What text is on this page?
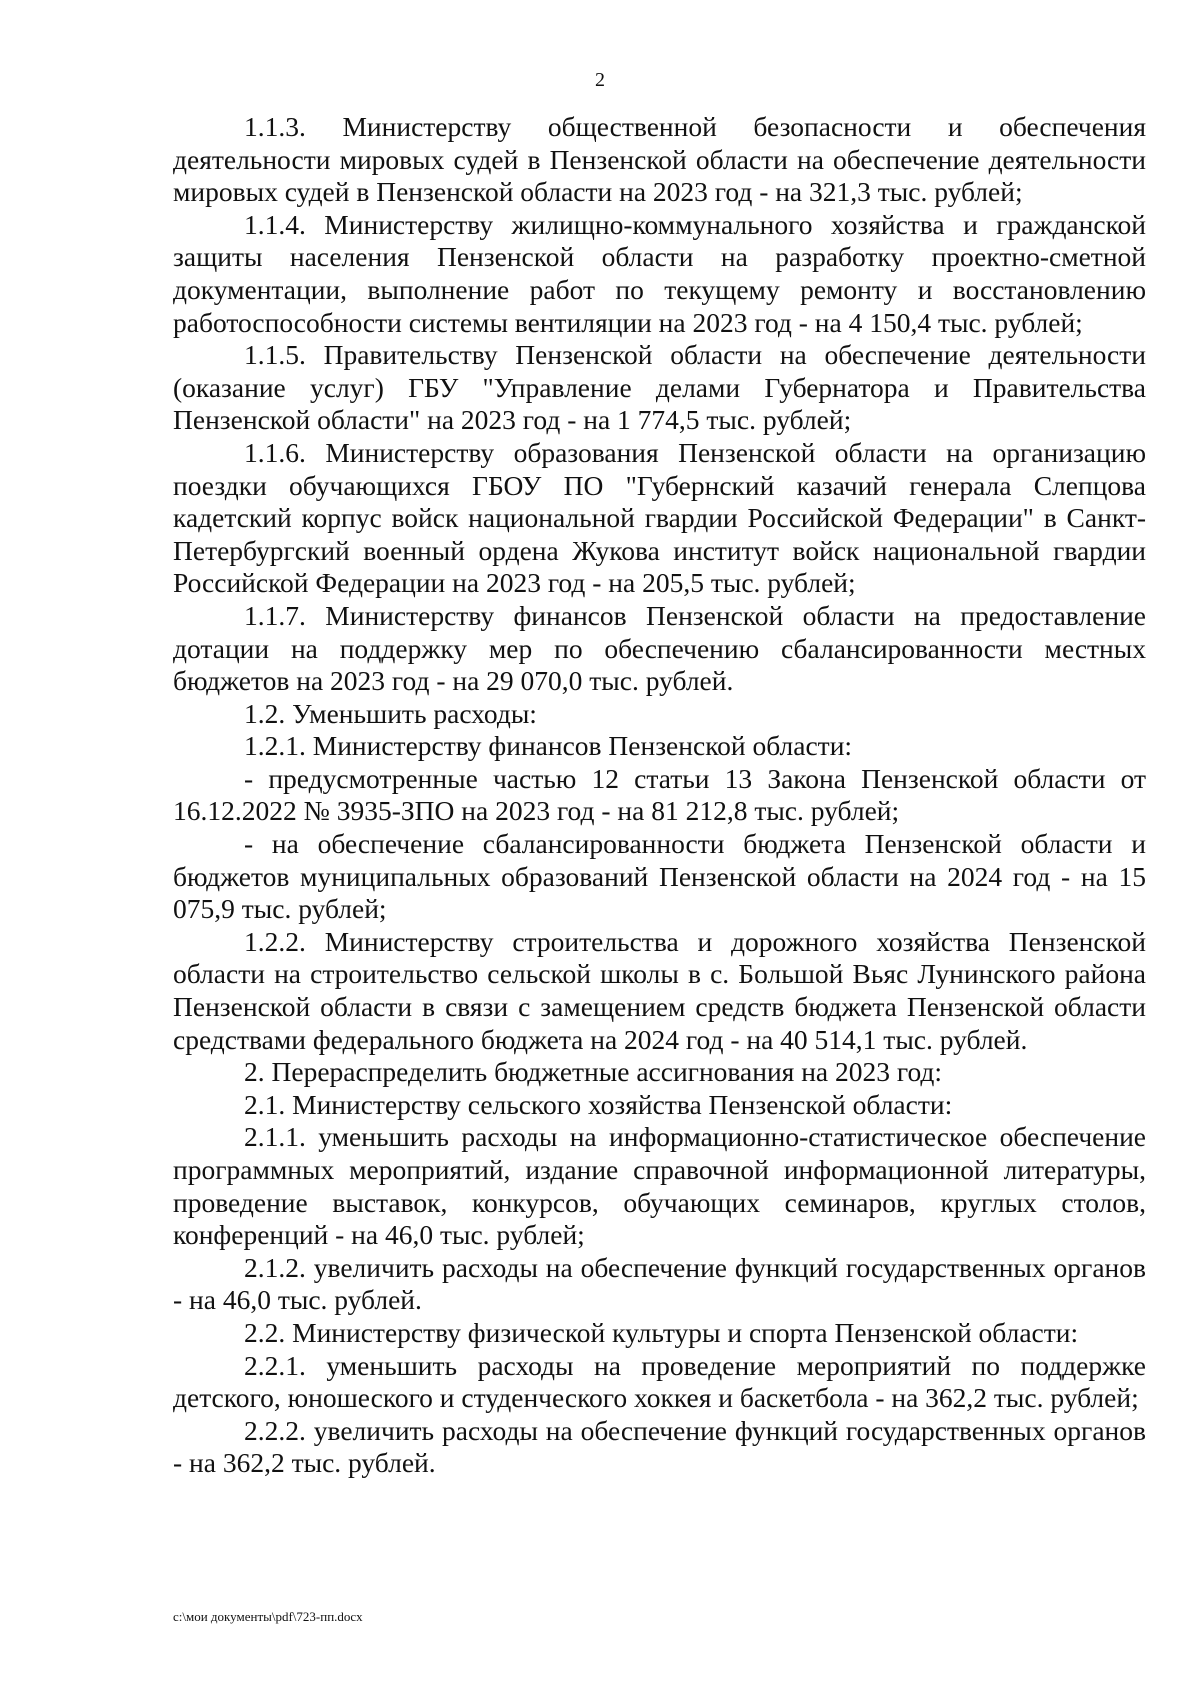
2

1.1.3. Министерству общественной безопасности и обеспечения деятельности мировых судей в Пензенской области на обеспечение деятельности мировых судей в Пензенской области на 2023 год - на 321,3 тыс. рублей;

1.1.4. Министерству жилищно-коммунального хозяйства и гражданской защиты населения Пензенской области на разработку проектно-сметной документации, выполнение работ по текущему ремонту и восстановлению работоспособности системы вентиляции на 2023 год - на 4 150,4 тыс. рублей;

1.1.5. Правительству Пензенской области на обеспечение деятельности (оказание услуг) ГБУ "Управление делами Губернатора и Правительства Пензенской области" на 2023 год - на 1 774,5 тыс. рублей;

1.1.6. Министерству образования Пензенской области на организацию поездки обучающихся ГБОУ ПО "Губернский казачий генерала Слепцова кадетский корпус войск национальной гвардии Российской Федерации" в Санкт-Петербургский военный ордена Жукова институт войск национальной гвардии Российской Федерации на 2023 год - на 205,5 тыс. рублей;

1.1.7. Министерству финансов Пензенской области на предоставление дотации на поддержку мер по обеспечению сбалансированности местных бюджетов на 2023 год - на 29 070,0 тыс. рублей.

1.2. Уменьшить расходы:

1.2.1. Министерству финансов Пензенской области:

- предусмотренные частью 12 статьи 13 Закона Пензенской области от 16.12.2022 № 3935-ЗПО на 2023 год - на 81 212,8 тыс. рублей;

- на обеспечение сбалансированности бюджета Пензенской области и бюджетов муниципальных образований Пензенской области на 2024 год - на 15 075,9 тыс. рублей;

1.2.2. Министерству строительства и дорожного хозяйства Пензенской области на строительство сельской школы в с. Большой Вьяс Лунинского района Пензенской области в связи с замещением средств бюджета Пензенской области средствами федерального бюджета на 2024 год - на 40 514,1 тыс. рублей.

2. Перераспределить бюджетные ассигнования на 2023 год:

2.1. Министерству сельского хозяйства Пензенской области:

2.1.1. уменьшить расходы на информационно-статистическое обеспечение программных мероприятий, издание справочной информационной литературы, проведение выставок, конкурсов, обучающих семинаров, круглых столов, конференций - на 46,0 тыс. рублей;

2.1.2. увеличить расходы на обеспечение функций государственных органов - на 46,0 тыс. рублей.

2.2. Министерству физической культуры и спорта Пензенской области:

2.2.1. уменьшить расходы на проведение мероприятий по поддержке детского, юношеского и студенческого хоккея и баскетбола - на 362,2 тыс. рублей;

2.2.2. увеличить расходы на обеспечение функций государственных органов - на 362,2 тыс. рублей.

c:\мои документы\pdf\723-пп.docx
